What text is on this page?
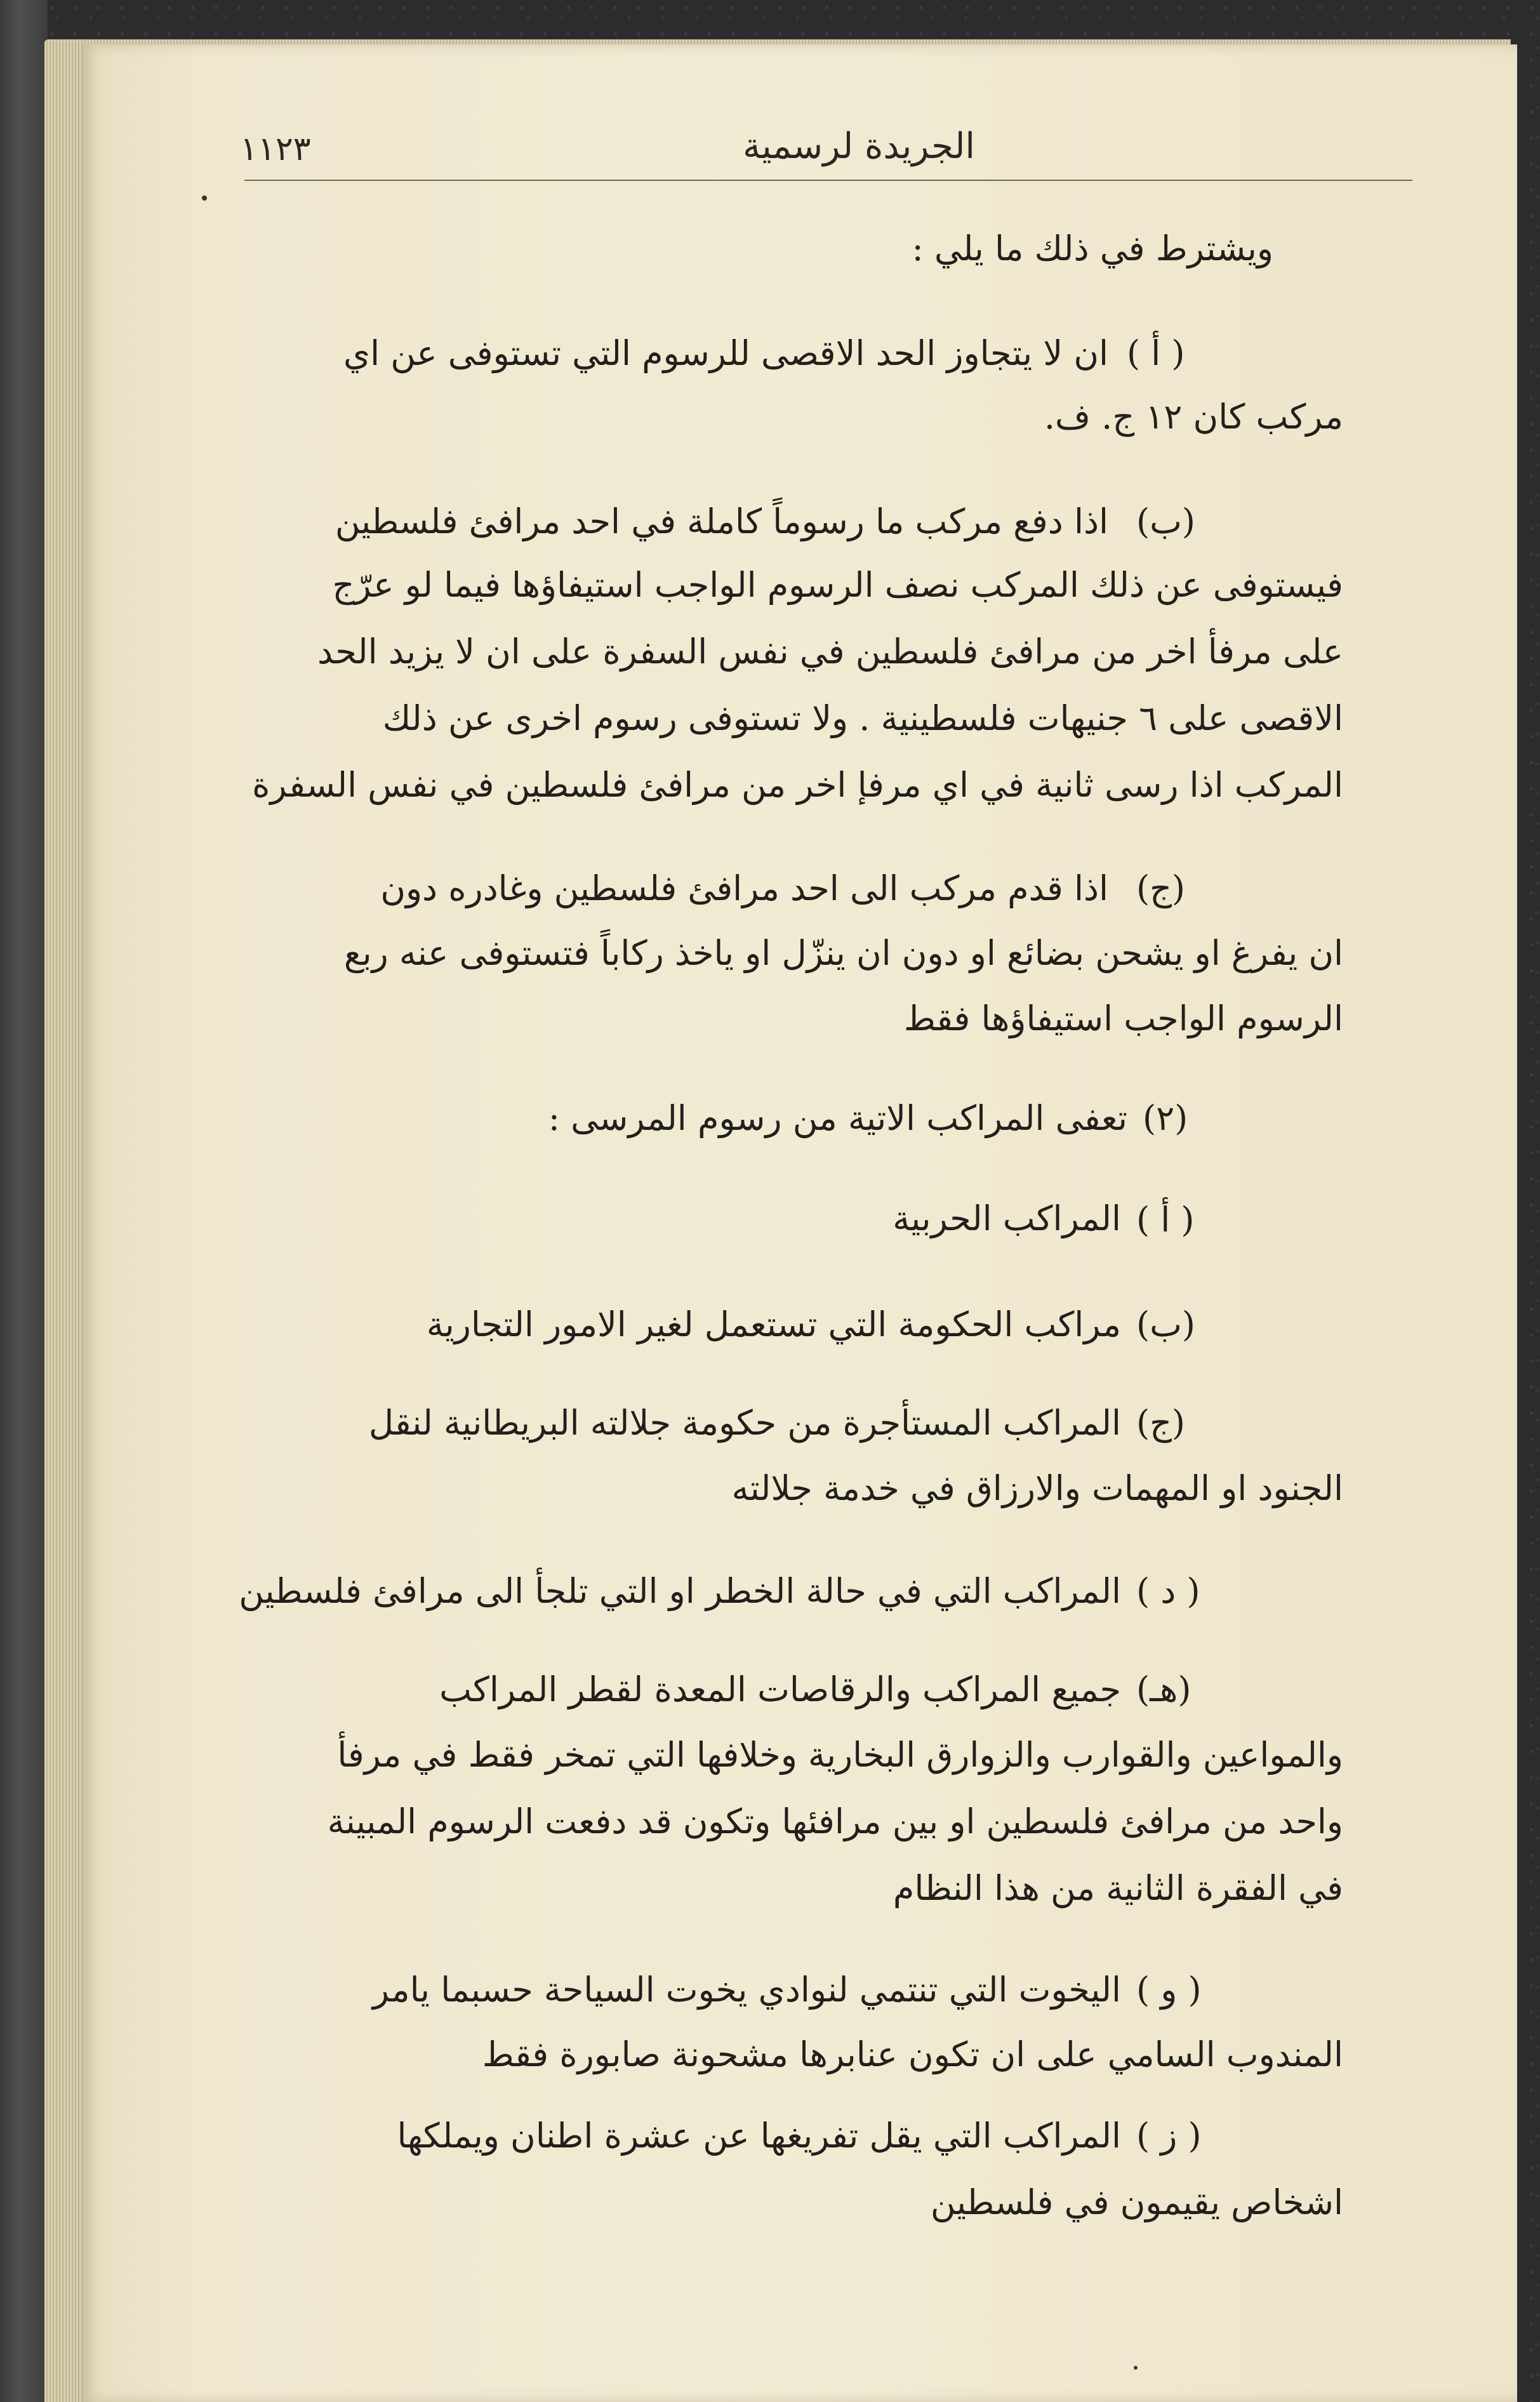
١١٢٣	الجريدة لرسمية
ويشترط في ذلك ما يلي :
( أ )
ان لا يتجاوز الحد الاقصى للرسوم التي تستوفى عن اي
مركب كان ١٢ ج. ف.
(ب)
اذا دفع مركب ما رسوماً كاملة في احد مرافئ فلسطين
فيستوفى عن ذلك المركب نصف الرسوم الواجب استيفاؤها فيما لو عرّج
على مرفأ اخر من مرافئ فلسطين في نفس السفرة على ان لا يزيد الحد
الاقصى على ٦ جنيهات فلسطينية . ولا تستوفى رسوم اخرى عن ذلك
المركب اذا رسى ثانية في اي مرفإ اخر من مرافئ فلسطين في نفس السفرة
(ج)
اذا قدم مركب الى احد مرافئ فلسطين وغادره دون
ان يفرغ او يشحن بضائع او دون ان ينزّل او ياخذ ركاباً فتستوفى عنه ربع
الرسوم الواجب استيفاؤها فقط
(٢)
تعفى المراكب الاتية من رسوم المرسى :
( أ )
المراكب الحربية
(ب)
مراكب الحكومة التي تستعمل لغير الامور التجارية
(ج)
المراكب المستأجرة من حكومة جلالته البريطانية لنقل
الجنود او المهمات والارزاق في خدمة جلالته
( د )
المراكب التي في حالة الخطر او التي تلجأ الى مرافئ فلسطين
(هـ)
جميع المراكب والرقاصات المعدة لقطر المراكب
والمواعين والقوارب والزوارق البخارية وخلافها التي تمخر فقط في مرفأ
واحد من مرافئ فلسطين او بين مرافئها وتكون قد دفعت الرسوم المبينة
في الفقرة الثانية من هذا النظام
( و )
اليخوت التي تنتمي لنوادي يخوت السياحة حسبما يامر
المندوب السامي على ان تكون عنابرها مشحونة صابورة فقط
( ز )
المراكب التي يقل تفريغها عن عشرة اطنان ويملكها
اشخاص يقيمون في فلسطين
